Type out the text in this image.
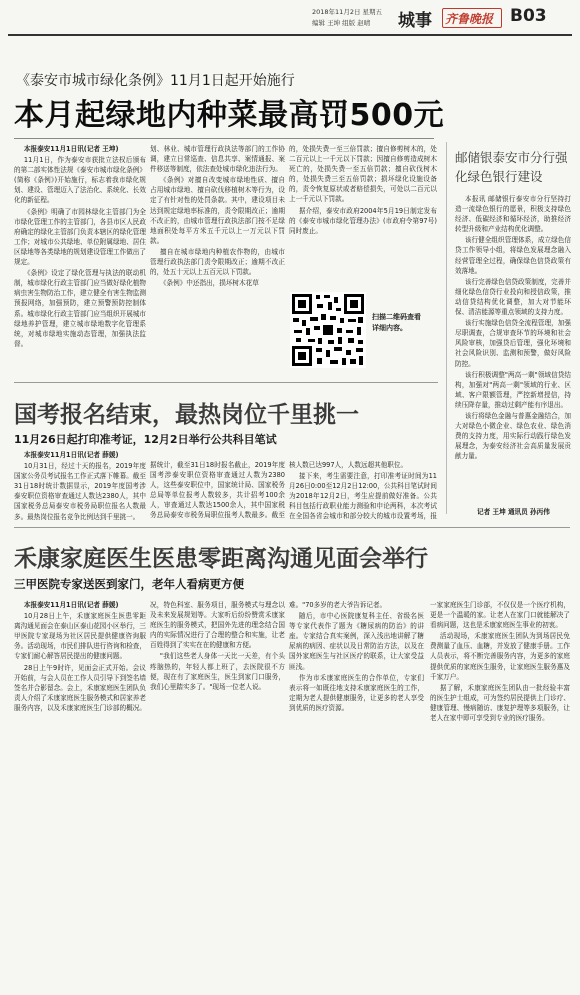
2018年11月2日 星期五
编辑 王坤 组版 赵晴 城事 齐鲁晚报 B03
《泰安市城市绿化条例》11月1日起开始施行
本月起绿地内种菜最高罚500元

本报泰安11月1日讯(记者 王坤)

11月1日，作为泰安市获批立法权后颁布的第二部实体性法规《泰安市城市绿化条例》(简称《条例》)开始施行，标志着我市绿化规划、建设、管理迈入了法治化、系统化、长效化的新征程。

《条例》明确了市园林绿化主管部门为全市绿化管理工作的主管部门，各县市区人民政府确定的绿化主管部门负责本辖区的绿化管理工作；对城市公共绿地、单位附属绿地、居住区绿地等各类绿地的规划建设管理工作做出了规定。

《条例》设定了绿化管理与执法的联动机制，城市绿化行政主管部门应当做好绿化植物病虫害生物防治工作，建立健全有害生物监测预报网络，加强预防，建立预警预防控制体系。城市绿化行政主管部门应当组织开展城市绿地养护管理，建立城市绿地数字化管理系统，对城市绿地实施动态管理，加强执法监督。

划、林业、城市管理行政执法等部门的工作协调，建立日常巡查、信息共享、案情通报、案件移送等制度，依法查处城市绿化违法行为。

《条例》对擅自改变城市绿地性质、擅自占用城市绿地、擅自砍伐移植树木等行为，设定了有针对性的处罚条款。其中，建设项目未达到规定绿地率标准的，责令限期改正；逾期不改正的，由城市管理行政执法部门按不足绿地面积处每平方米五千元以上一万元以下罚款。

擅自在城市绿地内种植农作物的，由城市管理行政执法部门责令限期改正；逾期不改正的，处五十元以上五百元以下罚款。

《条例》中还指出，损坏树木花草

的，处损失费一至三倍罚款；擅自修剪树木的，处二百元以上一千元以下罚款；因擅自修剪造成树木死亡的，处损失费一至五倍罚款；擅自砍伐树木的，处损失费三至五倍罚款；损坏绿化设施设备的，责令恢复原状或者赔偿损失，可处以二百元以上一千元以下罚款。

据介绍，泰安市政府2004年5月19日制定发布的《泰安市城市绿化管理办法》(市政府令第97号)同时废止。

扫描二维码查看详细内容。
邮储银泰安市分行强化绿色银行建设

本报讯 邮储银行泰安市分行坚持打造一流绿色银行的愿景，积极支持绿色经济、低碳经济和循环经济，助推经济转型升级和产业结构优化调整。

该行健全组织管理体系，成立绿色信贷工作领导小组，将绿色发展理念融入经营管理全过程，确保绿色信贷政策有效落地。

该行完善绿色信贷政策制度，完善并细化绿色信贷行业投向和授信政策，推动信贷结构优化调整，加大对节能环保、清洁能源等重点领域的支持力度。

该行实施绿色信贷全流程管理，加强尽职调查，合规审查环节的环境和社会风险审核，加强贷后管理，强化环境和社会风险识别、监测和预警，做好风险防控。

该行积极调整"两高一剩"领域信贷结构，加强对"两高一剩"领域的行业、区域、客户限额管理，严控新增授信，持续压降存量，推动过剩产能有序退出。

该行将绿色金融与普惠金融结合，加大对绿色小微企业、绿色农业、绿色消费的支持力度，用实际行动践行绿色发展理念，为泰安经济社会高质量发展贡献力量。

记者 王坤 通讯员 孙丙伟
国考报名结束，最热岗位千里挑一
11月26日起打印准考证，12月2日举行公共科目笔试

本报泰安11月1日讯(记者 薛媛)

10月31日，经过十天的报名，2019年度国家公务员考试报名工作正式落下帷幕。截至31日18时统计数据显示，2019年度国考涉泰安职位资格审查通过人数达2380人，其中国家税务总局泰安市税务局职位报名人数最多。最热岗位报名竞争比例达到千里挑一。

据统计，截至31日18时报名截止，2019年度国考涉泰安职位资格审查通过人数为2380人，这些泰安职位中，国家统计局、国家税务总局等单位报考人数较多，共计招考100余人，审查通过人数达1500余人，其中国家税务总局泰安市税务局职位报考人数最多。截至

核人数已达997人，人数远超其他职位。

接下来，考生需要注意，打印准考证时间为11月26日0:00至12月2日12:00，公共科目笔试时间为2018年12月2日，考生应提前做好准备。公共科目包括行政职业能力测验和申论两科，本次考试在全国各省会城市和部分较大的城市设置考场，报

禾康家庭医生医患零距离沟通见面会举行
三甲医院专家送医到家门，老年人看病更方便

本报泰安11月1日讯(记者 薛媛)

10月28日上午，禾康家庭医生医患零距离沟通见面会在泰山区泰山花园小区举行，三甲医院专家现场为社区居民提供健康咨询服务。活动现场，市民们排队进行咨询和检查，专家们耐心解答居民提出的健康问题。

28日上午9时许，见面会正式开始。会议开始前，与会人员在工作人员引导下到签名墙签名并合影留念。会上，禾康家庭医生团队负责人介绍了禾康家庭医生服务模式和居家养老服务内容，以及禾康家庭医生门诊部的概况。

况，特色科室、服务项目，服务模式与理念以及未来发展规划等。大家听后纷纷赞赏禾康家庭医生的服务模式，把国外先进的理念结合国内的实际情况进行了合理的整合和实施，让老百姓得到了实实在在的健康和方便。

"我们这些老人身体一天比一天差，有个头疼脑热的，年轻人都上班了，去医院很不方便，现在有了家庭医生，医生到家门口服务，我们心里踏实多了。"现场一位老人说。

难。"70多岁的老大爷告诉记者。

随后，市中心医院康复科主任、省级名医等专家代表作了题为《糖尿病的防治》的讲座。专家结合真实案例，深入浅出地讲解了糖尿病的病因、症状以及日常防治方法，以及在国外家庭医生与社区医疗的联系，让大家受益匪浅。

作为市禾康家庭医生的合作单位，专家们表示将一如既往地支持禾康家庭医生的工作，定期为老人提供健康服务，让更多的老人享受到优质的医疗资源。

一家家庭医生门诊部，不仅仅是一个医疗机构，更是一个温暖的家。让老人在家门口就能解决了看病问题，这也是禾康家庭医生事业的初衷。

活动现场，禾康家庭医生团队为到场居民免费测量了血压、血糖，并发放了健康手册。工作人员表示，将不断完善服务内容，为更多的家庭提供优质的家庭医生服务，让家庭医生服务惠及千家万户。

据了解，禾康家庭医生团队由一批经验丰富的医生护士组成，可为签约居民提供上门诊疗、健康管理、慢病随访、康复护理等多项服务，让老人在家中即可享受到专业的医疗服务。
